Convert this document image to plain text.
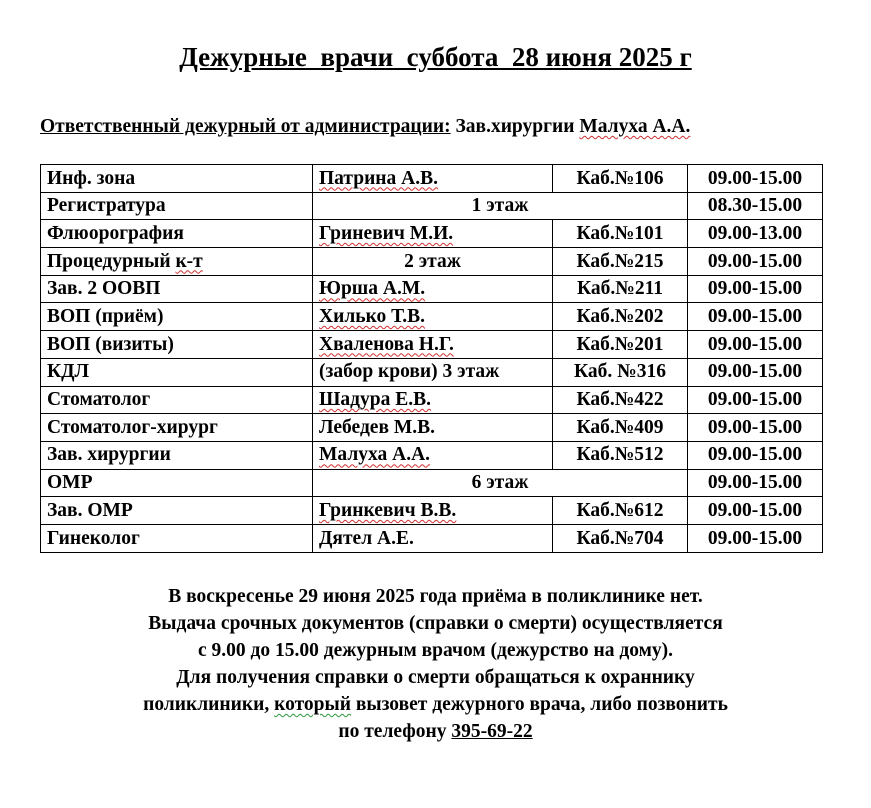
Дежурные  врачи  суббота  28 июня 2025 г
Ответственный дежурный от администрации: Зав.хирургии Малуха А.А.
Инф. зона	Патрина А.В.	Каб.№106	09.00-15.00
Регистратура	1 этаж		08.30-15.00
Флюорография	Гриневич М.И.	Каб.№101	09.00-13.00
Процедурный к-т	2 этаж	Каб.№215	09.00-15.00
Зав. 2 ООВП	Юрша А.М.	Каб.№211	09.00-15.00
ВОП (приём)	Хилько Т.В.	Каб.№202	09.00-15.00
ВОП (визиты)	Хваленова Н.Г.	Каб.№201	09.00-15.00
КДЛ	(забор крови) 3 этаж	Каб. №316	09.00-15.00
Стоматолог	Шадура Е.В.	Каб.№422	09.00-15.00
Стоматолог-хирург	Лебедев М.В.	Каб.№409	09.00-15.00
Зав. хирургии	Малуха А.А.	Каб.№512	09.00-15.00
ОМР	6 этаж		09.00-15.00
Зав. ОМР	Гринкевич В.В.	Каб.№612	09.00-15.00
Гинеколог	Дятел А.Е.	Каб.№704	09.00-15.00
В воскресенье 29 июня 2025 года приёма в поликлинике нет.
Выдача срочных документов (справки о смерти) осуществляется
с 9.00 до 15.00 дежурным врачом (дежурство на дому).
Для получения справки о смерти обращаться к охраннику
поликлиники, который вызовет дежурного врача, либо позвонить
по телефону 395-69-22
